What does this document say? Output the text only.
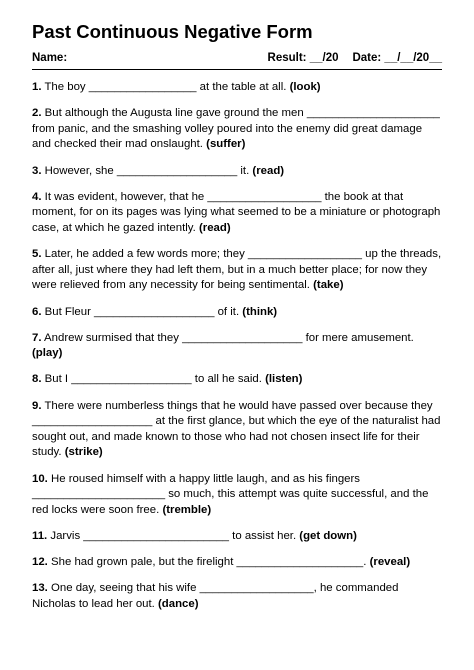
Past Continuous Negative Form
Name:	Result: __/20 Date: __/__/20__

1. The boy _________________ at the table at all. (look)

2. But although the Augusta line gave ground the men _____________________ from panic, and the smashing volley poured into the enemy did great damage and checked their mad onslaught. (suffer)

3. However, she ___________________ it. (read)

4. It was evident, however, that he __________________ the book at that moment, for on its pages was lying what seemed to be a miniature or photograph case, at which he gazed intently. (read)

5. Later, he added a few words more; they __________________ up the threads, after all, just where they had left them, but in a much better place; for now they were relieved from any necessity for being sentimental. (take)

6. But Fleur ___________________ of it. (think)

7. Andrew surmised that they ___________________ for mere amusement. (play)

8. But I ___________________ to all he said. (listen)

9. There were numberless things that he would have passed over because they ___________________ at the first glance, but which the eye of the naturalist had sought out, and made known to those who had not chosen insect life for their study. (strike)

10. He roused himself with a happy little laugh, and as his fingers _____________________ so much, this attempt was quite successful, and the red locks were soon free. (tremble)

11. Jarvis _______________________ to assist her. (get down)

12. She had grown pale, but the firelight ____________________. (reveal)

13. One day, seeing that his wife __________________, he commanded Nicholas to lead her out. (dance)
